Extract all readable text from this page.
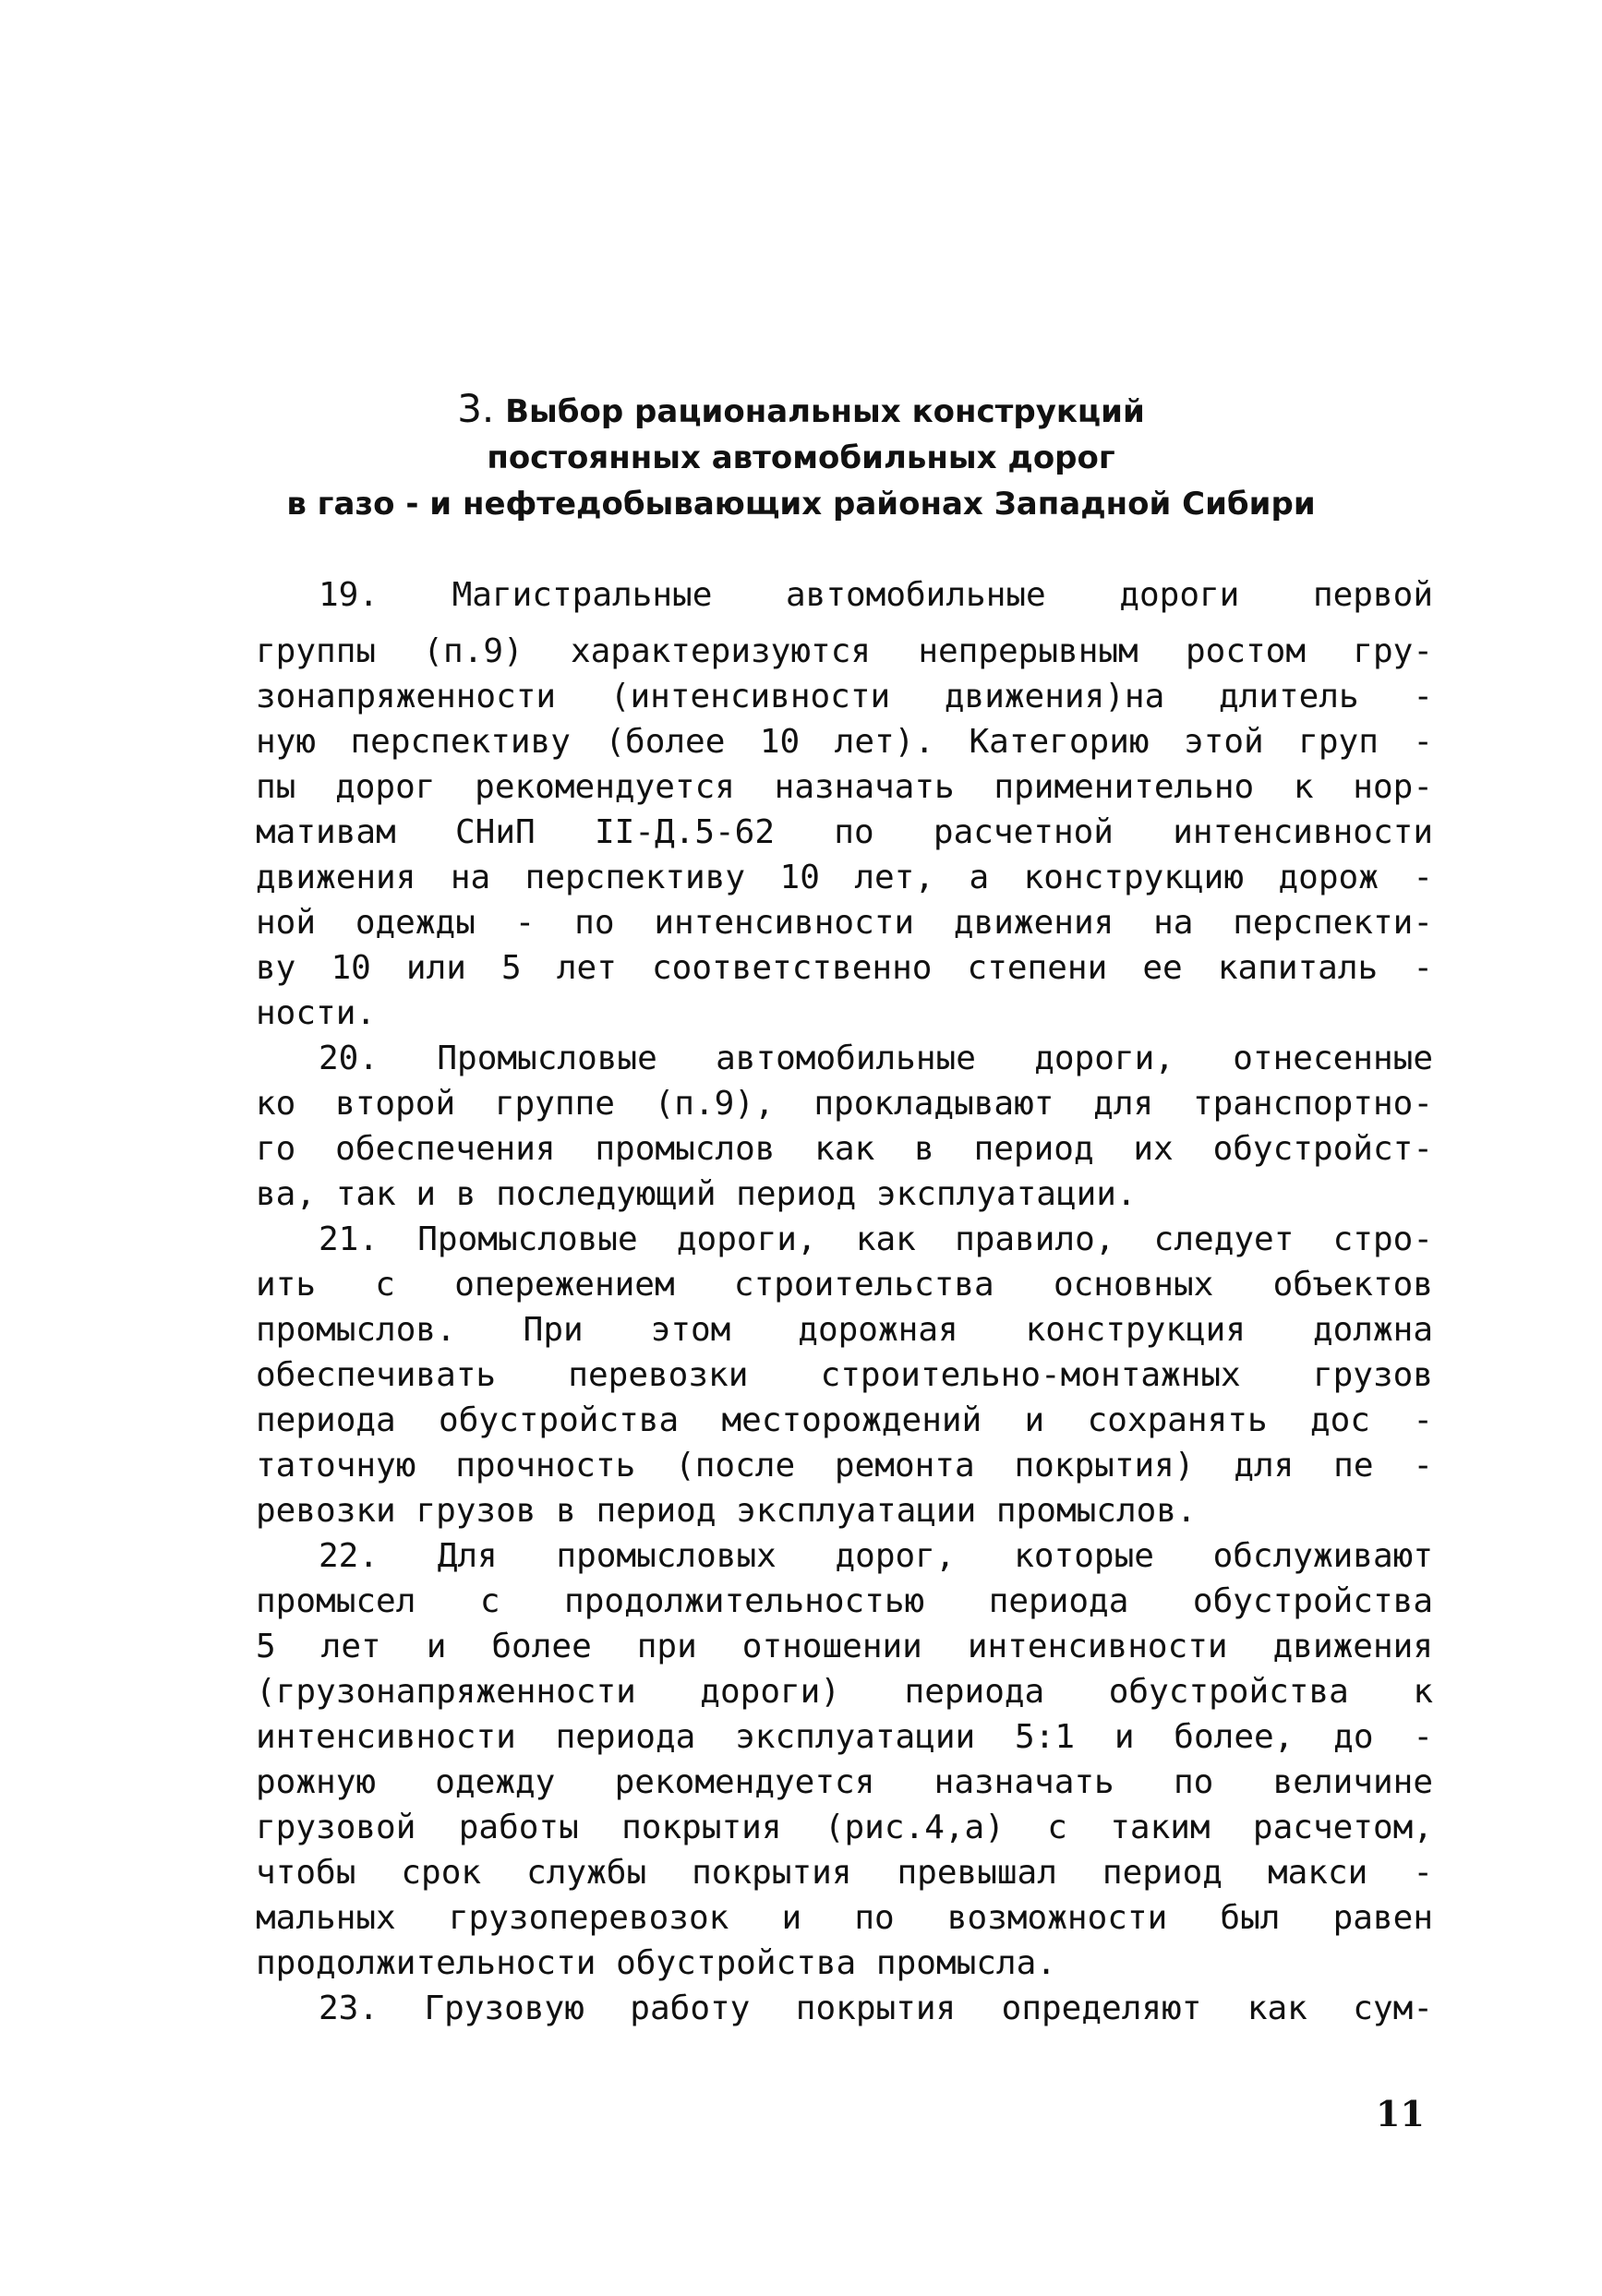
3. Выбор рациональных конструкций
постоянных автомобильных дорог
в газо - и нефтедобывающих районах Западной Сибири

19. Магистральные автомобильные дороги первой

группы (п.9) характеризуются непрерывным ростом гру-

зонапряженности (интенсивности движения)на длитель -

ную перспективу (более 10 лет). Категорию этой груп -

пы дорог рекомендуется назначать применительно к нор-

мативам СНиП II-Д.5-62 по расчетной интенсивности

движения на перспективу 10 лет, а конструкцию дорож -

ной одежды - по интенсивности движения на перспекти-

ву 10 или 5 лет соответственно степени ее капиталь -

ности.

20. Промысловые автомобильные дороги, отнесенные

ко второй группе (п.9), прокладывают для транспортно-

го обеспечения промыслов как в период их обустройст-

ва, так и в последующий период эксплуатации.

21. Промысловые дороги, как правило, следует стро-

ить с опережением строительства основных объектов

промыслов. При этом дорожная конструкция должна

обеспечивать перевозки строительно-монтажных грузов

периода обустройства месторождений и сохранять дос -

таточную прочность (после ремонта покрытия) для пе -

ревозки грузов в период эксплуатации промыслов.

22. Для промысловых дорог, которые обслуживают

промысел с продолжительностью периода обустройства

5 лет и более при отношении интенсивности движения

(грузонапряженности дороги) периода обустройства к

интенсивности периода эксплуатации 5:1 и более, до -

рожную одежду рекомендуется назначать по величине

грузовой работы покрытия (рис.4,а) с таким расчетом,

чтобы срок службы покрытия превышал период макси -

мальных грузоперевозок и по возможности был равен

продолжительности обустройства промысла.

23. Грузовую работу покрытия определяют как сум-

11
